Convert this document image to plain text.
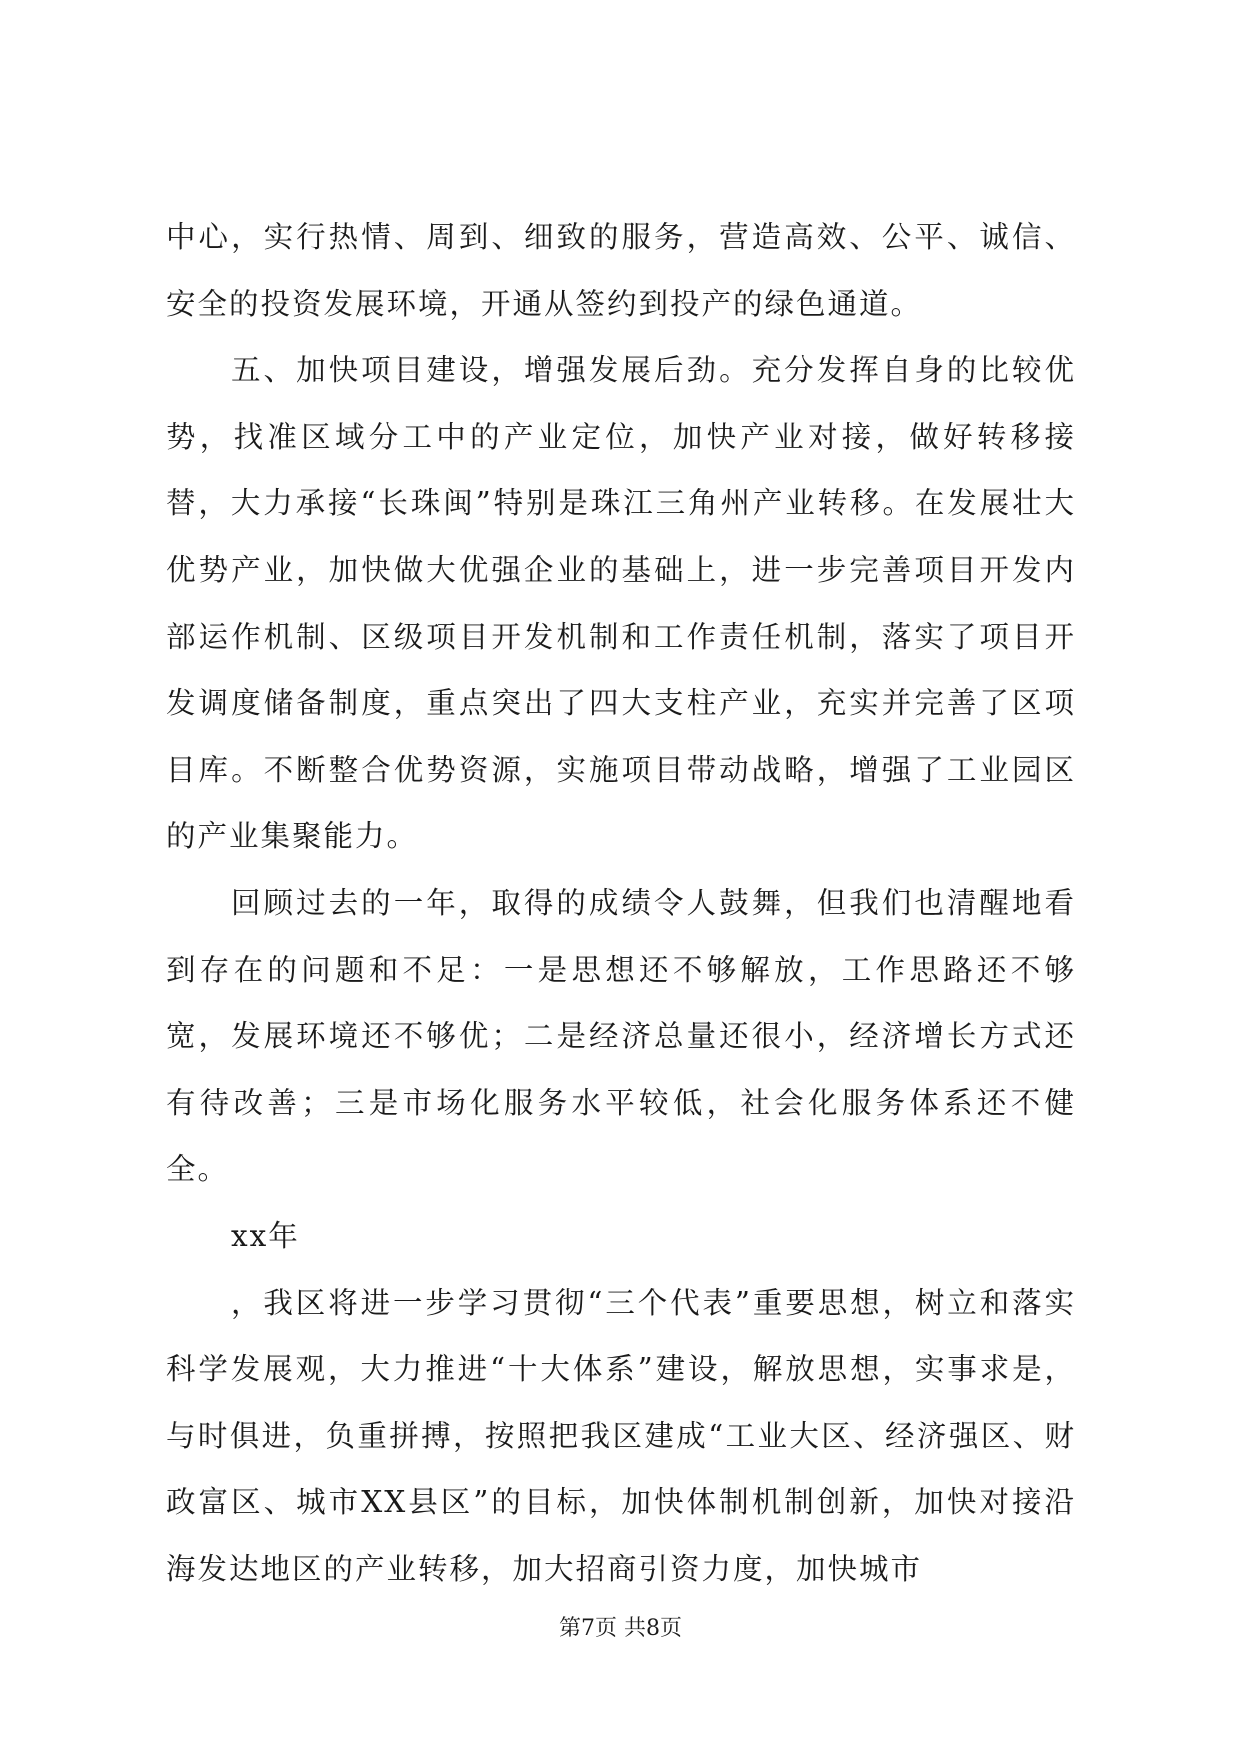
中心，实行热情、周到、细致的服务，营造高效、公平、诚信、安全的投资发展环境，开通从签约到投产的绿色通道。

五、加快项目建设，增强发展后劲。充分发挥自身的比较优势，找准区域分工中的产业定位，加快产业对接，做好转移接替，大力承接“长珠闽”特别是珠江三角州产业转移。在发展壮大优势产业，加快做大优强企业的基础上，进一步完善项目开发内部运作机制、区级项目开发机制和工作责任机制，落实了项目开发调度储备制度，重点突出了四大支柱产业，充实并完善了区项目库。不断整合优势资源，实施项目带动战略，增强了工业园区的产业集聚能力。

回顾过去的一年，取得的成绩令人鼓舞，但我们也清醒地看到存在的问题和不足：一是思想还不够解放，工作思路还不够宽，发展环境还不够优；二是经济总量还很小，经济增长方式还有待改善；三是市场化服务水平较低，社会化服务体系还不健全。

xx年

，我区将进一步学习贯彻“三个代表”重要思想，树立和落实科学发展观，大力推进“十大体系”建设，解放思想，实事求是，与时俱进，负重拼搏，按照把我区建成“工业大区、经济强区、财政富区、城市XX县区”的目标，加快体制机制创新，加快对接沿海发达地区的产业转移，加大招商引资力度，加快城市

第7页 共8页
